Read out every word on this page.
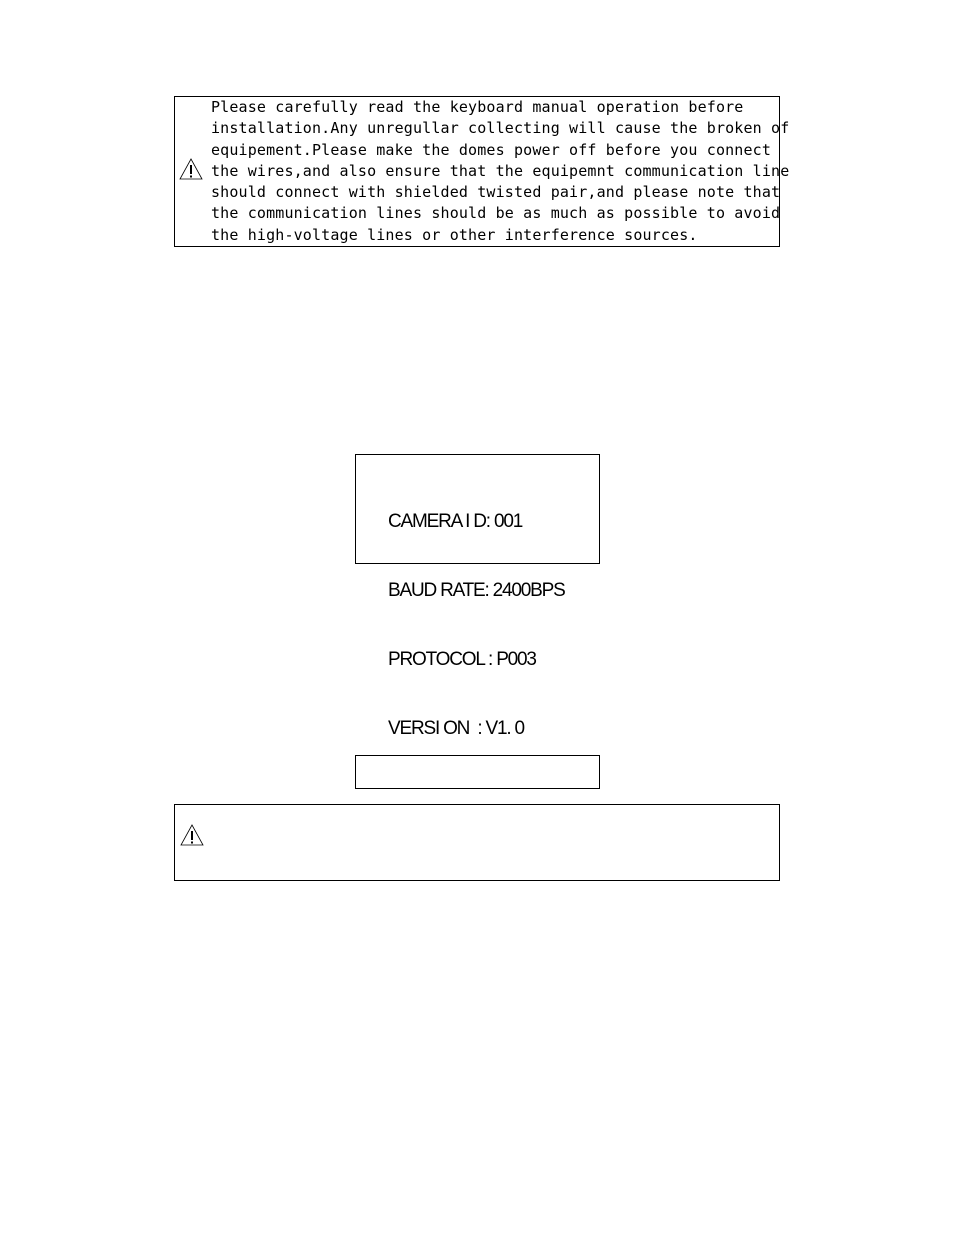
Please carefully read the keyboard manual operation before
installation.Any unregullar collecting will cause the broken of
equipement.Please make the domes power off before you connect
the wires,and also ensure that the equipemnt communication line
should connect with shielded twisted pair,and please note that
the communication lines should be as much as possible to avoid
the high-voltage lines or other interference sources.

CAMERA I D: 001

BAUD RATE: 2400BPS

PROTOCOL : P003

VERSI ON  : V1. 0
